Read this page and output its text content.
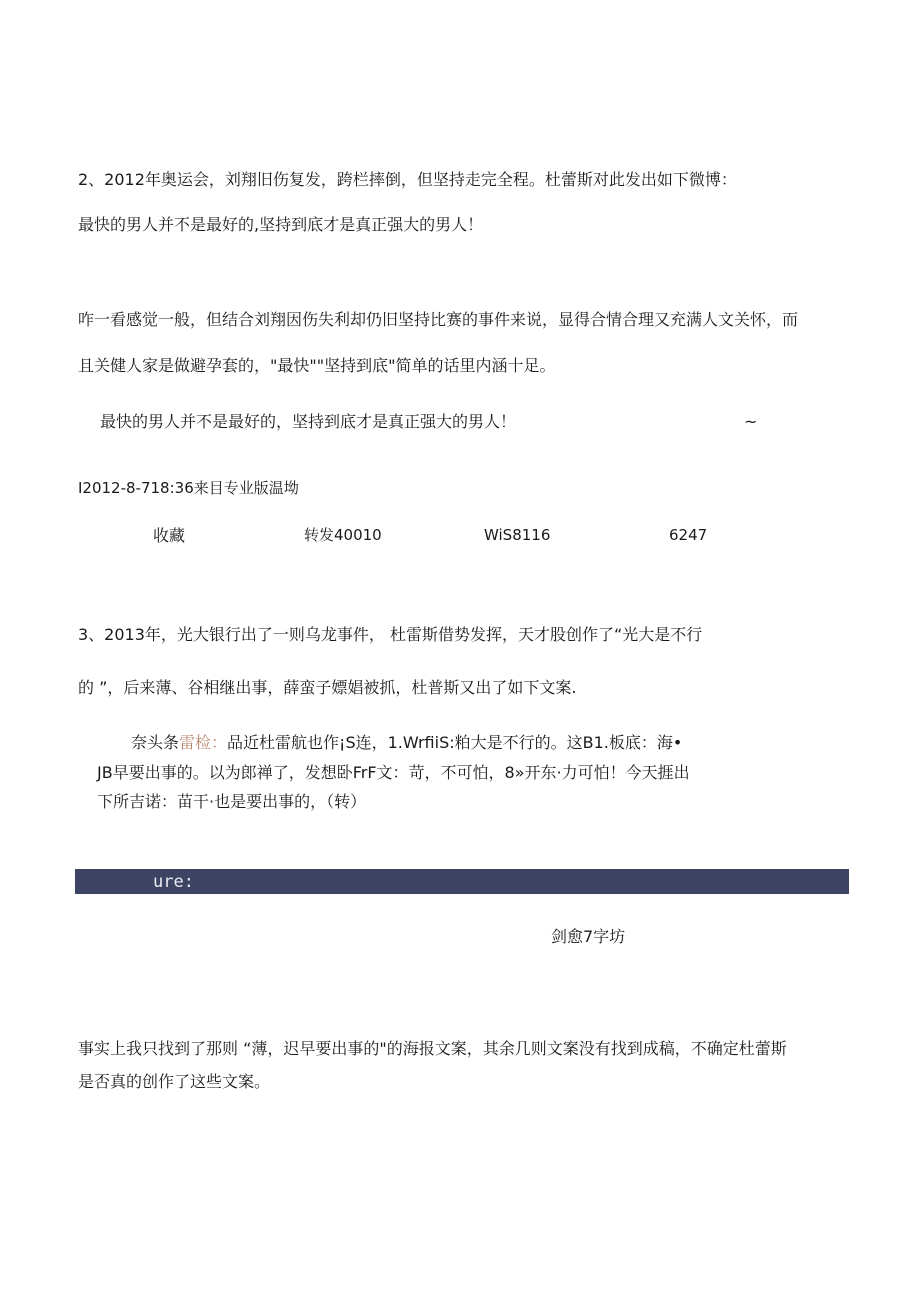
2、2012年奥运会，刘翔旧伤复发，跨栏摔倒，但坚持走完全程。杜蕾斯对此发出如下微博：
最快的男人并不是最好的,坚持到底才是真正强大的男人！
咋一看感觉一般，但结合刘翔因伤失利却仍旧坚持比赛的事件来说，显得合情合理又充满人文关怀，而
且关健人家是做避孕套的，"最快""坚持到底"简单的话里内涵十足。
最快的男人并不是最好的，坚持到底才是真正强大的男人！	~
I2012-8-718:36来目专业版温坳
收藏	转发40010	WiS8116	6247
3、2013年，光大银行出了一则乌龙事件， 杜雷斯借势发挥，天才股创作了“光大是不行
的 ”，后来薄、谷相继出事，薛蛮子嫖娼被抓，杜普斯又出了如下文案.
奈头条雷检：品近杜雷航也作¡S连，1.WrfiiS:粕大是不行的。这B1.板底：海•
JB早要出事的。以为郎禅了，发想卧FrF文：苛，不可怕，8»开东·力可怕！今天捱出
下所吉诺：苗干·也是要出事的，（转）
ure:
剑愈7字坊
事实上我只找到了那则 “薄，迟早要出事的"的海报文案，其余几则文案没有找到成稿，不确定杜蕾斯
是否真的创作了这些文案。
